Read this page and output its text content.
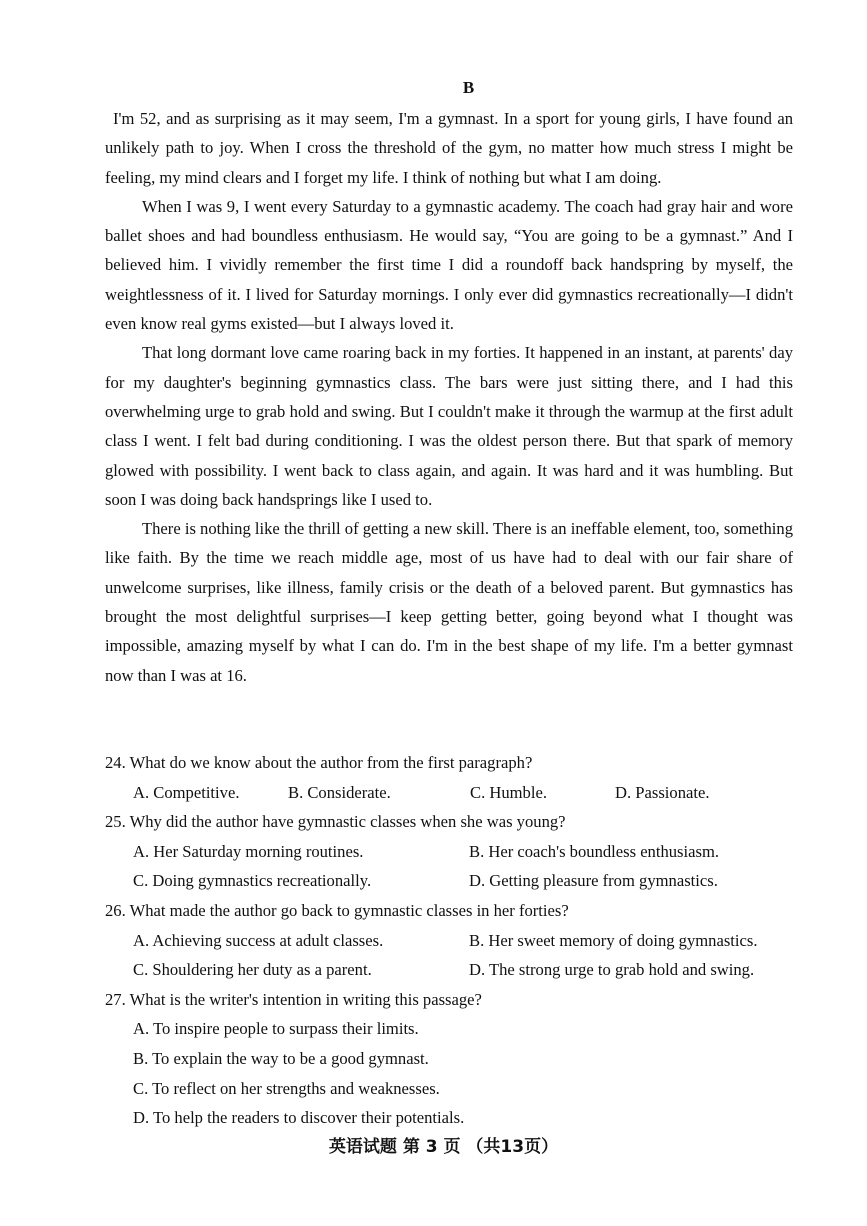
B

I'm 52, and as surprising as it may seem, I'm a gymnast. In a sport for young girls, I have found an unlikely path to joy. When I cross the threshold of the gym, no matter how much stress I might be feeling, my mind clears and I forget my life. I think of nothing but what I am doing.

When I was 9, I went every Saturday to a gymnastic academy. The coach had gray hair and wore ballet shoes and had boundless enthusiasm. He would say, “You are going to be a gymnast.” And I believed him. I vividly remember the first time I did a roundoff back handspring by myself, the weightlessness of it. I lived for Saturday mornings. I only ever did gymnastics recreationally—I didn't even know real gyms existed—but I always loved it.

That long dormant love came roaring back in my forties. It happened in an instant, at parents' day for my daughter's beginning gymnastics class. The bars were just sitting there, and I had this overwhelming urge to grab hold and swing. But I couldn't make it through the warmup at the first adult class I went. I felt bad during conditioning. I was the oldest person there. But that spark of memory glowed with possibility. I went back to class again, and again. It was hard and it was humbling. But soon I was doing back handsprings like I used to.

There is nothing like the thrill of getting a new skill. There is an ineffable element, too, something like faith. By the time we reach middle age, most of us have had to deal with our fair share of unwelcome surprises, like illness, family crisis or the death of a beloved parent. But gymnastics has brought the most delightful surprises—I keep getting better, going beyond what I thought was impossible, amazing myself by what I can do. I'm in the best shape of my life. I'm a better gymnast now than I was at 16.

24. What do we know about the author from the first paragraph?
A. Competitive.	B. Considerate.	C. Humble.	D. Passionate.
25. Why did the author have gymnastic classes when she was young?
A. Her Saturday morning routines.	B. Her coach's boundless enthusiasm.
C. Doing gymnastics recreationally.	D. Getting pleasure from gymnastics.
26. What made the author go back to gymnastic classes in her forties?
A. Achieving success at adult classes.	B. Her sweet memory of doing gymnastics.
C. Shouldering her duty as a parent.	D. The strong urge to grab hold and swing.
27. What is the writer's intention in writing this passage?
A. To inspire people to surpass their limits.
B. To explain the way to be a good gymnast.
C. To reflect on her strengths and weaknesses.
D. To help the readers to discover their potentials.
英语试题 第 3 页 （共13页）
